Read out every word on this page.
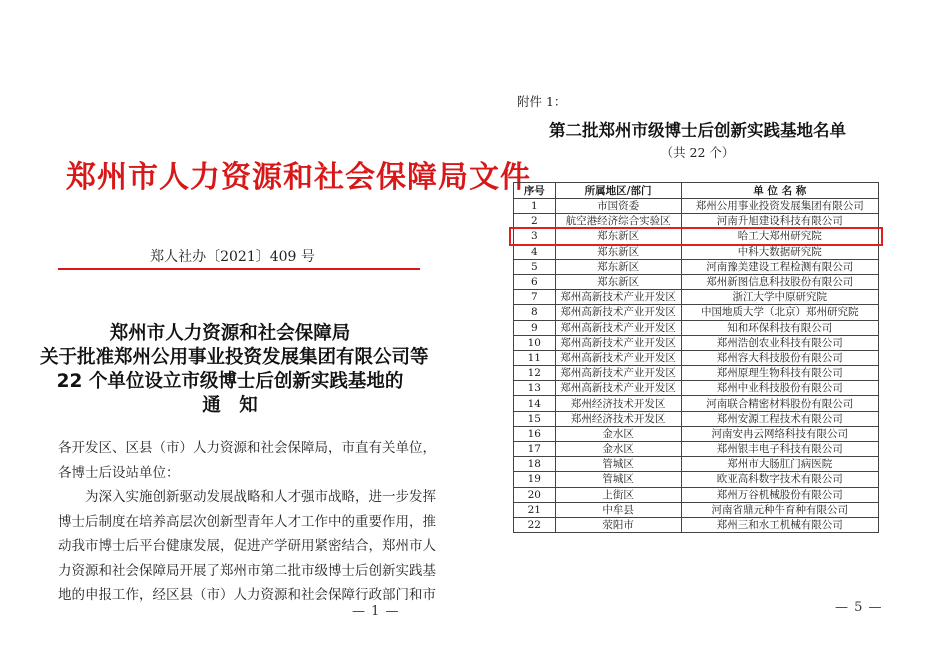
郑州市人力资源和社会保障局文件
郑人社办〔2021〕409 号
郑州市人力资源和社会保障局
关于批准郑州公用事业投资发展集团有限公司等
22 个单位设立市级博士后创新实践基地的
通　知

各开发区、区县（市）人力资源和社会保障局，市直有关单位，

各博士后设站单位：

为深入实施创新驱动发展战略和人才强市战略，进一步发挥

博士后制度在培养高层次创新型青年人才工作中的重要作用，推

动我市博士后平台健康发展，促进产学研用紧密结合，郑州市人

力资源和社会保障局开展了郑州市第二批市级博士后创新实践基

地的申报工作，经区县（市）人力资源和社会保障行政部门和市

— 1 —
附件 1：
第二批郑州市级博士后创新实践基地名单
（共 22 个）
序号	所属地区/部门	单 位 名 称
1	市国资委	郑州公用事业投资发展集团有限公司
2	航空港经济综合实验区	河南升旭建设科技有限公司
3	郑东新区	哈工大郑州研究院
4	郑东新区	中科大数据研究院
5	郑东新区	河南豫美建设工程检测有限公司
6	郑东新区	郑州新图信息科技股份有限公司
7	郑州高新技术产业开发区	浙江大学中原研究院
8	郑州高新技术产业开发区	中国地质大学（北京）郑州研究院
9	郑州高新技术产业开发区	知和环保科技有限公司
10	郑州高新技术产业开发区	郑州浩创农业科技有限公司
11	郑州高新技术产业开发区	郑州容大科技股份有限公司
12	郑州高新技术产业开发区	郑州原理生物科技有限公司
13	郑州高新技术产业开发区	郑州中业科技股份有限公司
14	郑州经济技术开发区	河南联合精密材料股份有限公司
15	郑州经济技术开发区	郑州安源工程技术有限公司
16	金水区	河南安冉云网络科技有限公司
17	金水区	郑州银丰电子科技有限公司
18	管城区	郑州市大肠肛门病医院
19	管城区	欧亚高科数字技术有限公司
20	上街区	郑州万谷机械股份有限公司
21	中牟县	河南省鼎元种牛育种有限公司
22	荥阳市	郑州三和水工机械有限公司
— 5 —
